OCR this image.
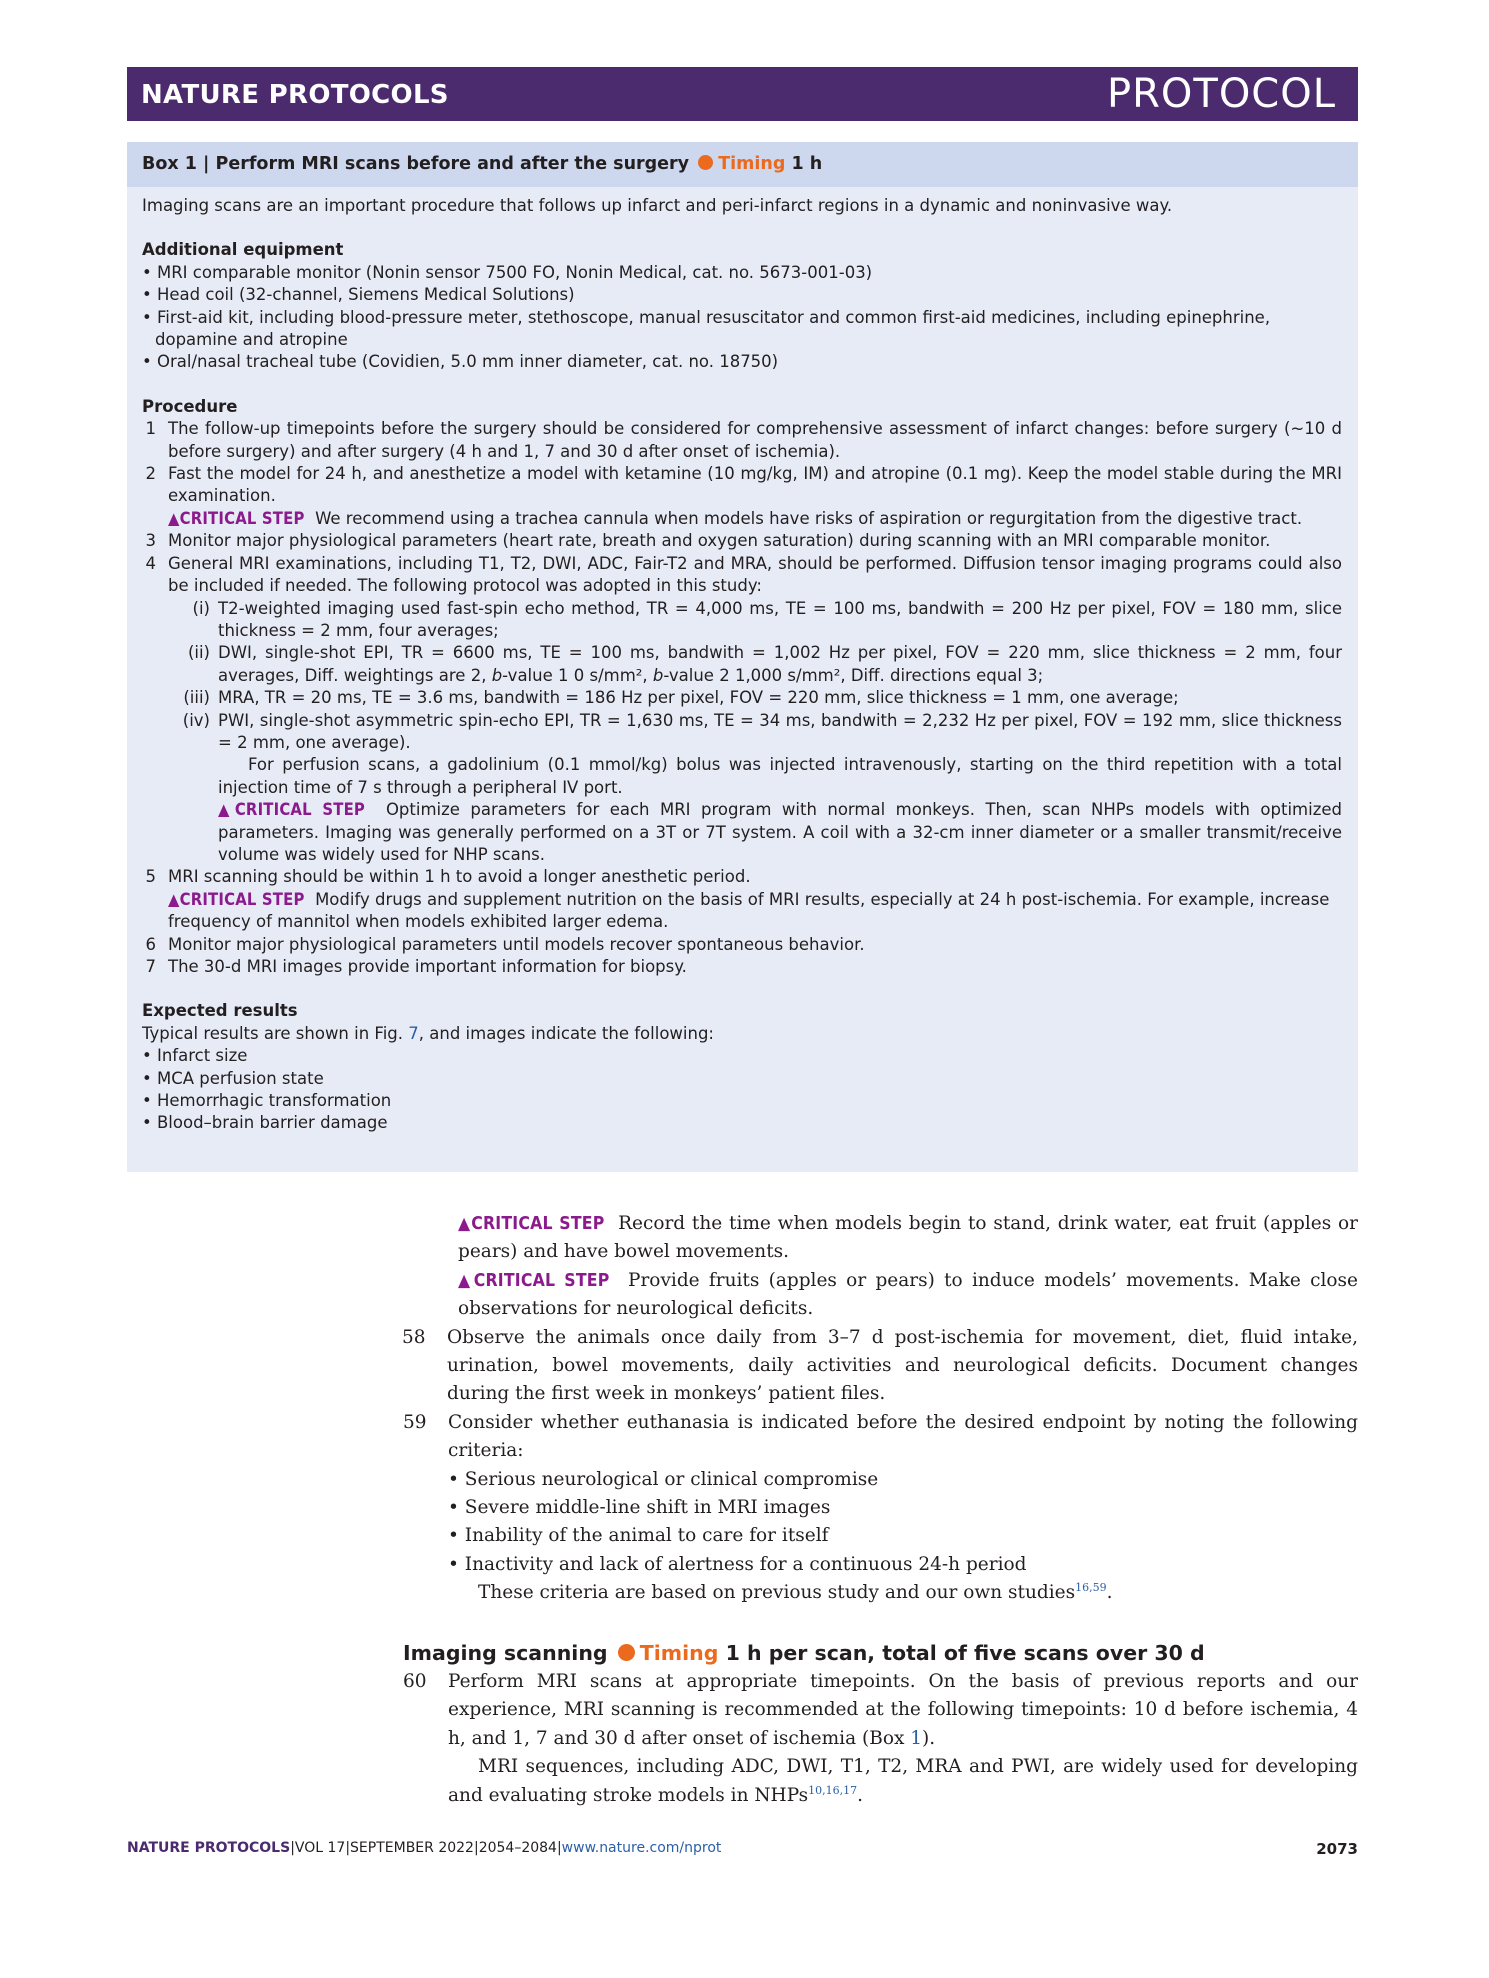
NATURE PROTOCOLS	PROTOCOL
Box 1 | Perform MRI scans before and after the surgery Timing 1 h

Imaging scans are an important procedure that follows up infarct and peri-infarct regions in a dynamic and noninvasive way.

Additional equipment

• MRI comparable monitor (Nonin sensor 7500 FO, Nonin Medical, cat. no. 5673-001-03)

• Head coil (32-channel, Siemens Medical Solutions)

• First-aid kit, including blood-pressure meter, stethoscope, manual resuscitator and common first-aid medicines, including epinephrine, dopamine and atropine

• Oral/nasal tracheal tube (Covidien, 5.0 mm inner diameter, cat. no. 18750)

Procedure

1 The follow-up timepoints before the surgery should be considered for comprehensive assessment of infarct changes: before surgery (~10 d before surgery) and after surgery (4 h and 1, 7 and 30 d after onset of ischemia).
2 Fast the model for 24 h, and anesthetize a model with ketamine (10 mg/kg, IM) and atropine (0.1 mg). Keep the model stable during the MRI examination.
▲CRITICAL STEP We recommend using a trachea cannula when models have risks of aspiration or regurgitation from the digestive tract.
3 Monitor major physiological parameters (heart rate, breath and oxygen saturation) during scanning with an MRI comparable monitor.
4 General MRI examinations, including T1, T2, DWI, ADC, Fair-T2 and MRA, should be performed. Diffusion tensor imaging programs could also be included if needed. The following protocol was adopted in this study:
(i) T2-weighted imaging used fast-spin echo method, TR = 4,000 ms, TE = 100 ms, bandwith = 200 Hz per pixel, FOV = 180 mm, slice thickness = 2 mm, four averages;
(ii) DWI, single-shot EPI, TR = 6600 ms, TE = 100 ms, bandwith = 1,002 Hz per pixel, FOV = 220 mm, slice thickness = 2 mm, four averages, Diff. weightings are 2, b-value 1 0 s/mm², b-value 2 1,000 s/mm², Diff. directions equal 3;
(iii) MRA, TR = 20 ms, TE = 3.6 ms, bandwith = 186 Hz per pixel, FOV = 220 mm, slice thickness = 1 mm, one average;
(iv) PWI, single-shot asymmetric spin-echo EPI, TR = 1,630 ms, TE = 34 ms, bandwith = 2,232 Hz per pixel, FOV = 192 mm, slice thickness = 2 mm, one average).
For perfusion scans, a gadolinium (0.1 mmol/kg) bolus was injected intravenously, starting on the third repetition with a total injection time of 7 s through a peripheral IV port.
▲CRITICAL STEP Optimize parameters for each MRI program with normal monkeys. Then, scan NHPs models with optimized parameters. Imaging was generally performed on a 3T or 7T system. A coil with a 32-cm inner diameter or a smaller transmit/receive volume was widely used for NHP scans.
5 MRI scanning should be within 1 h to avoid a longer anesthetic period.
▲CRITICAL STEP Modify drugs and supplement nutrition on the basis of MRI results, especially at 24 h post-ischemia. For example, increase frequency of mannitol when models exhibited larger edema.
6 Monitor major physiological parameters until models recover spontaneous behavior.
7 The 30-d MRI images provide important information for biopsy.

Expected results

Typical results are shown in Fig. 7, and images indicate the following:

• Infarct size

• MCA perfusion state

• Hemorrhagic transformation

• Blood–brain barrier damage

▲CRITICAL STEP Record the time when models begin to stand, drink water, eat fruit (apples or pears) and have bowel movements.

▲CRITICAL STEP Provide fruits (apples or pears) to induce models’ movements. Make close observations for neurological deficits.

58 Observe the animals once daily from 3–7 d post-ischemia for movement, diet, fluid intake, urination, bowel movements, daily activities and neurological deficits. Document changes during the first week in monkeys’ patient files.

59 Consider whether euthanasia is indicated before the desired endpoint by noting the following criteria:

• Serious neurological or clinical compromise

• Severe middle-line shift in MRI images

• Inability of the animal to care for itself

• Inactivity and lack of alertness for a continuous 24-h period

These criteria are based on previous study and our own studies$^{16,59}$.

Imaging scanning Timing 1 h per scan, total of five scans over 30 d
60 Perform MRI scans at appropriate timepoints. On the basis of previous reports and our experience, MRI scanning is recommended at the following timepoints: 10 d before ischemia, 4 h, and 1, 7 and 30 d after onset of ischemia (Box 1).

MRI sequences, including ADC, DWI, T1, T2, MRA and PWI, are widely used for developing and evaluating stroke models in NHPs$^{10,16,17}$.

NATURE PROTOCOLS|VOL 17|SEPTEMBER 2022|2054–2084|www.nature.com/nprot	2073
